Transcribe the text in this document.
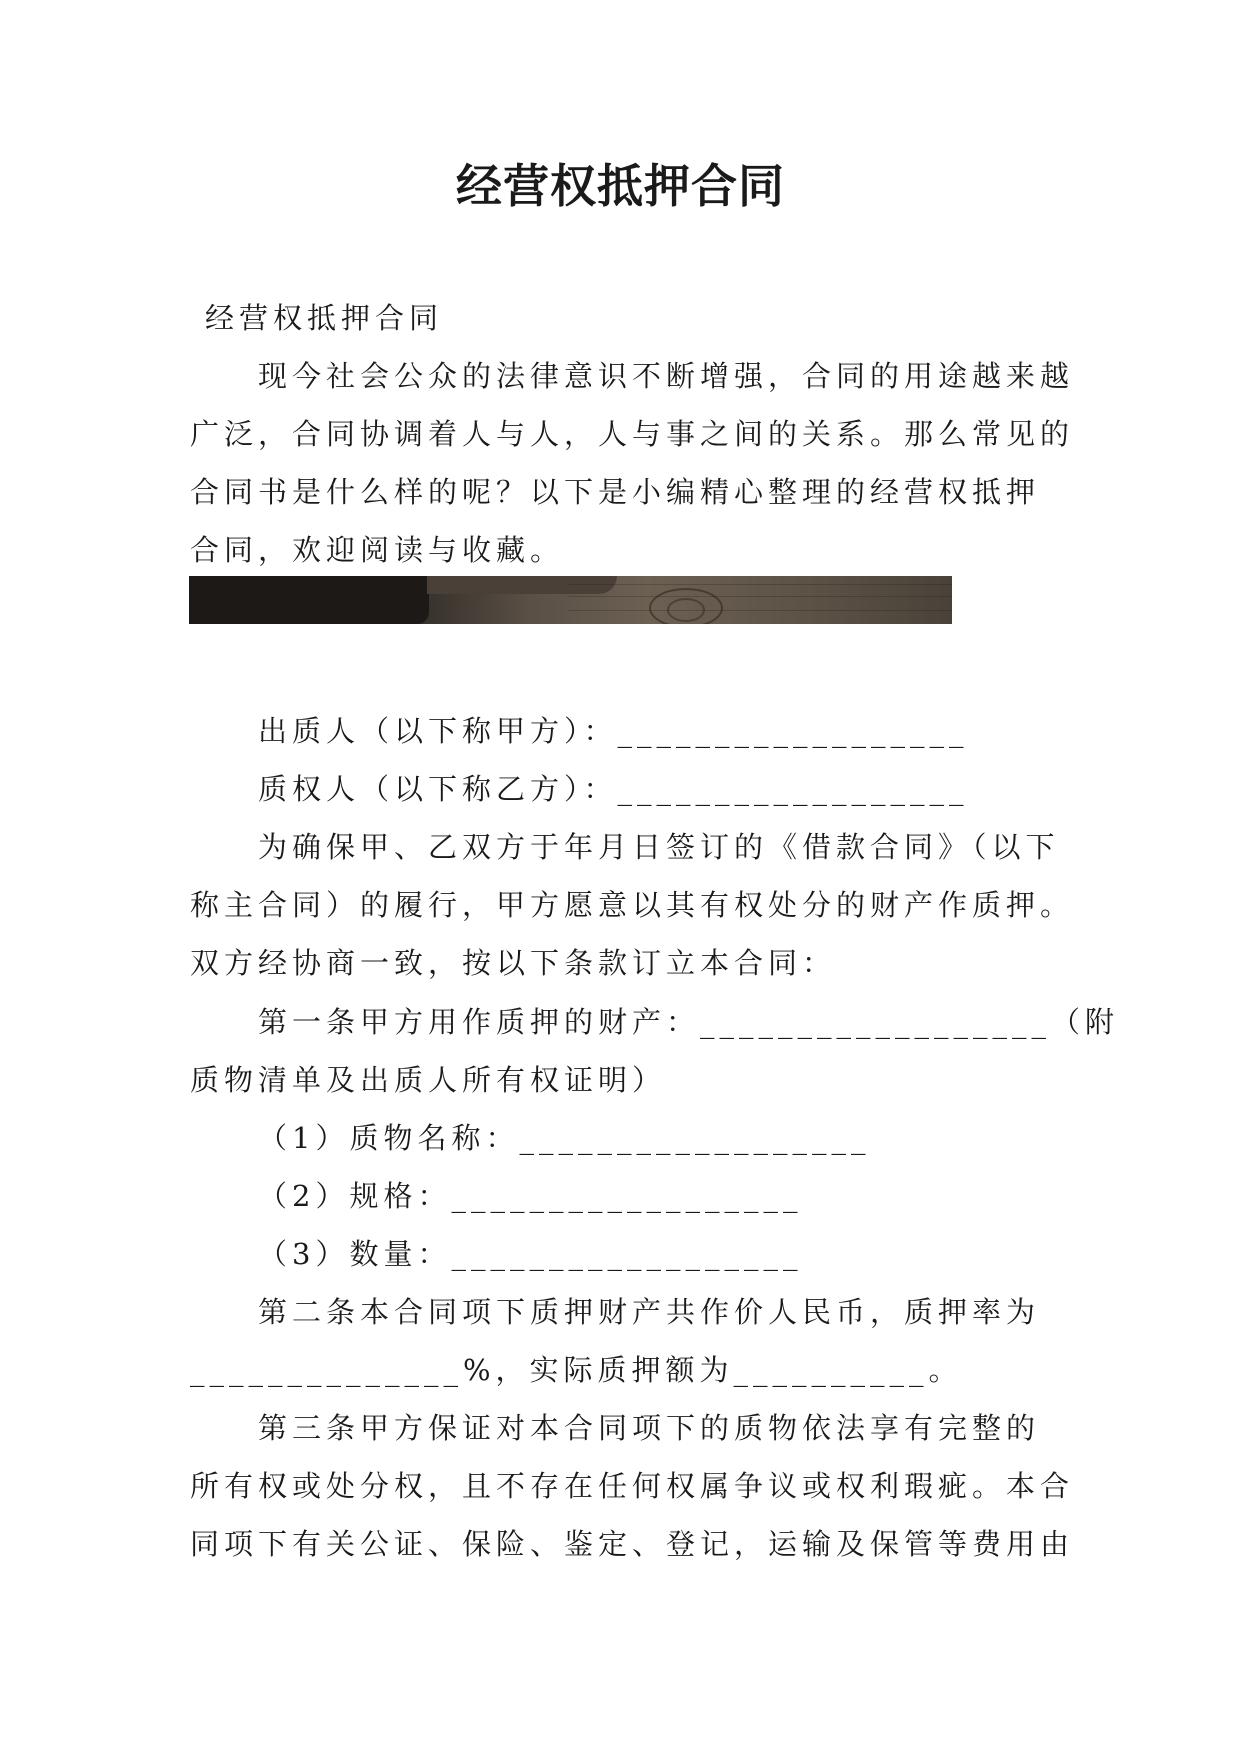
经营权抵押合同

经营权抵押合同

现今社会公众的法律意识不断增强，合同的用途越来越

广泛，合同协调着人与人，人与事之间的关系。那么常见的

合同书是什么样的呢？以下是小编精心整理的经营权抵押

合同，欢迎阅读与收藏。

出质人（以下称甲方）：__________________

质权人（以下称乙方）：__________________

为确保甲、乙双方于年月日签订的《借款合同》（以下

称主合同）的履行，甲方愿意以其有权处分的财产作质押。

双方经协商一致，按以下条款订立本合同：

第一条甲方用作质押的财产：__________________（附

质物清单及出质人所有权证明）

（1）质物名称：__________________

（2）规格：__________________

（3）数量：__________________

第二条本合同项下质押财产共作价人民币，质押率为

______________%，实际质押额为__________。

第三条甲方保证对本合同项下的质物依法享有完整的

所有权或处分权，且不存在任何权属争议或权利瑕疵。本合

同项下有关公证、保险、鉴定、登记，运输及保管等费用由
